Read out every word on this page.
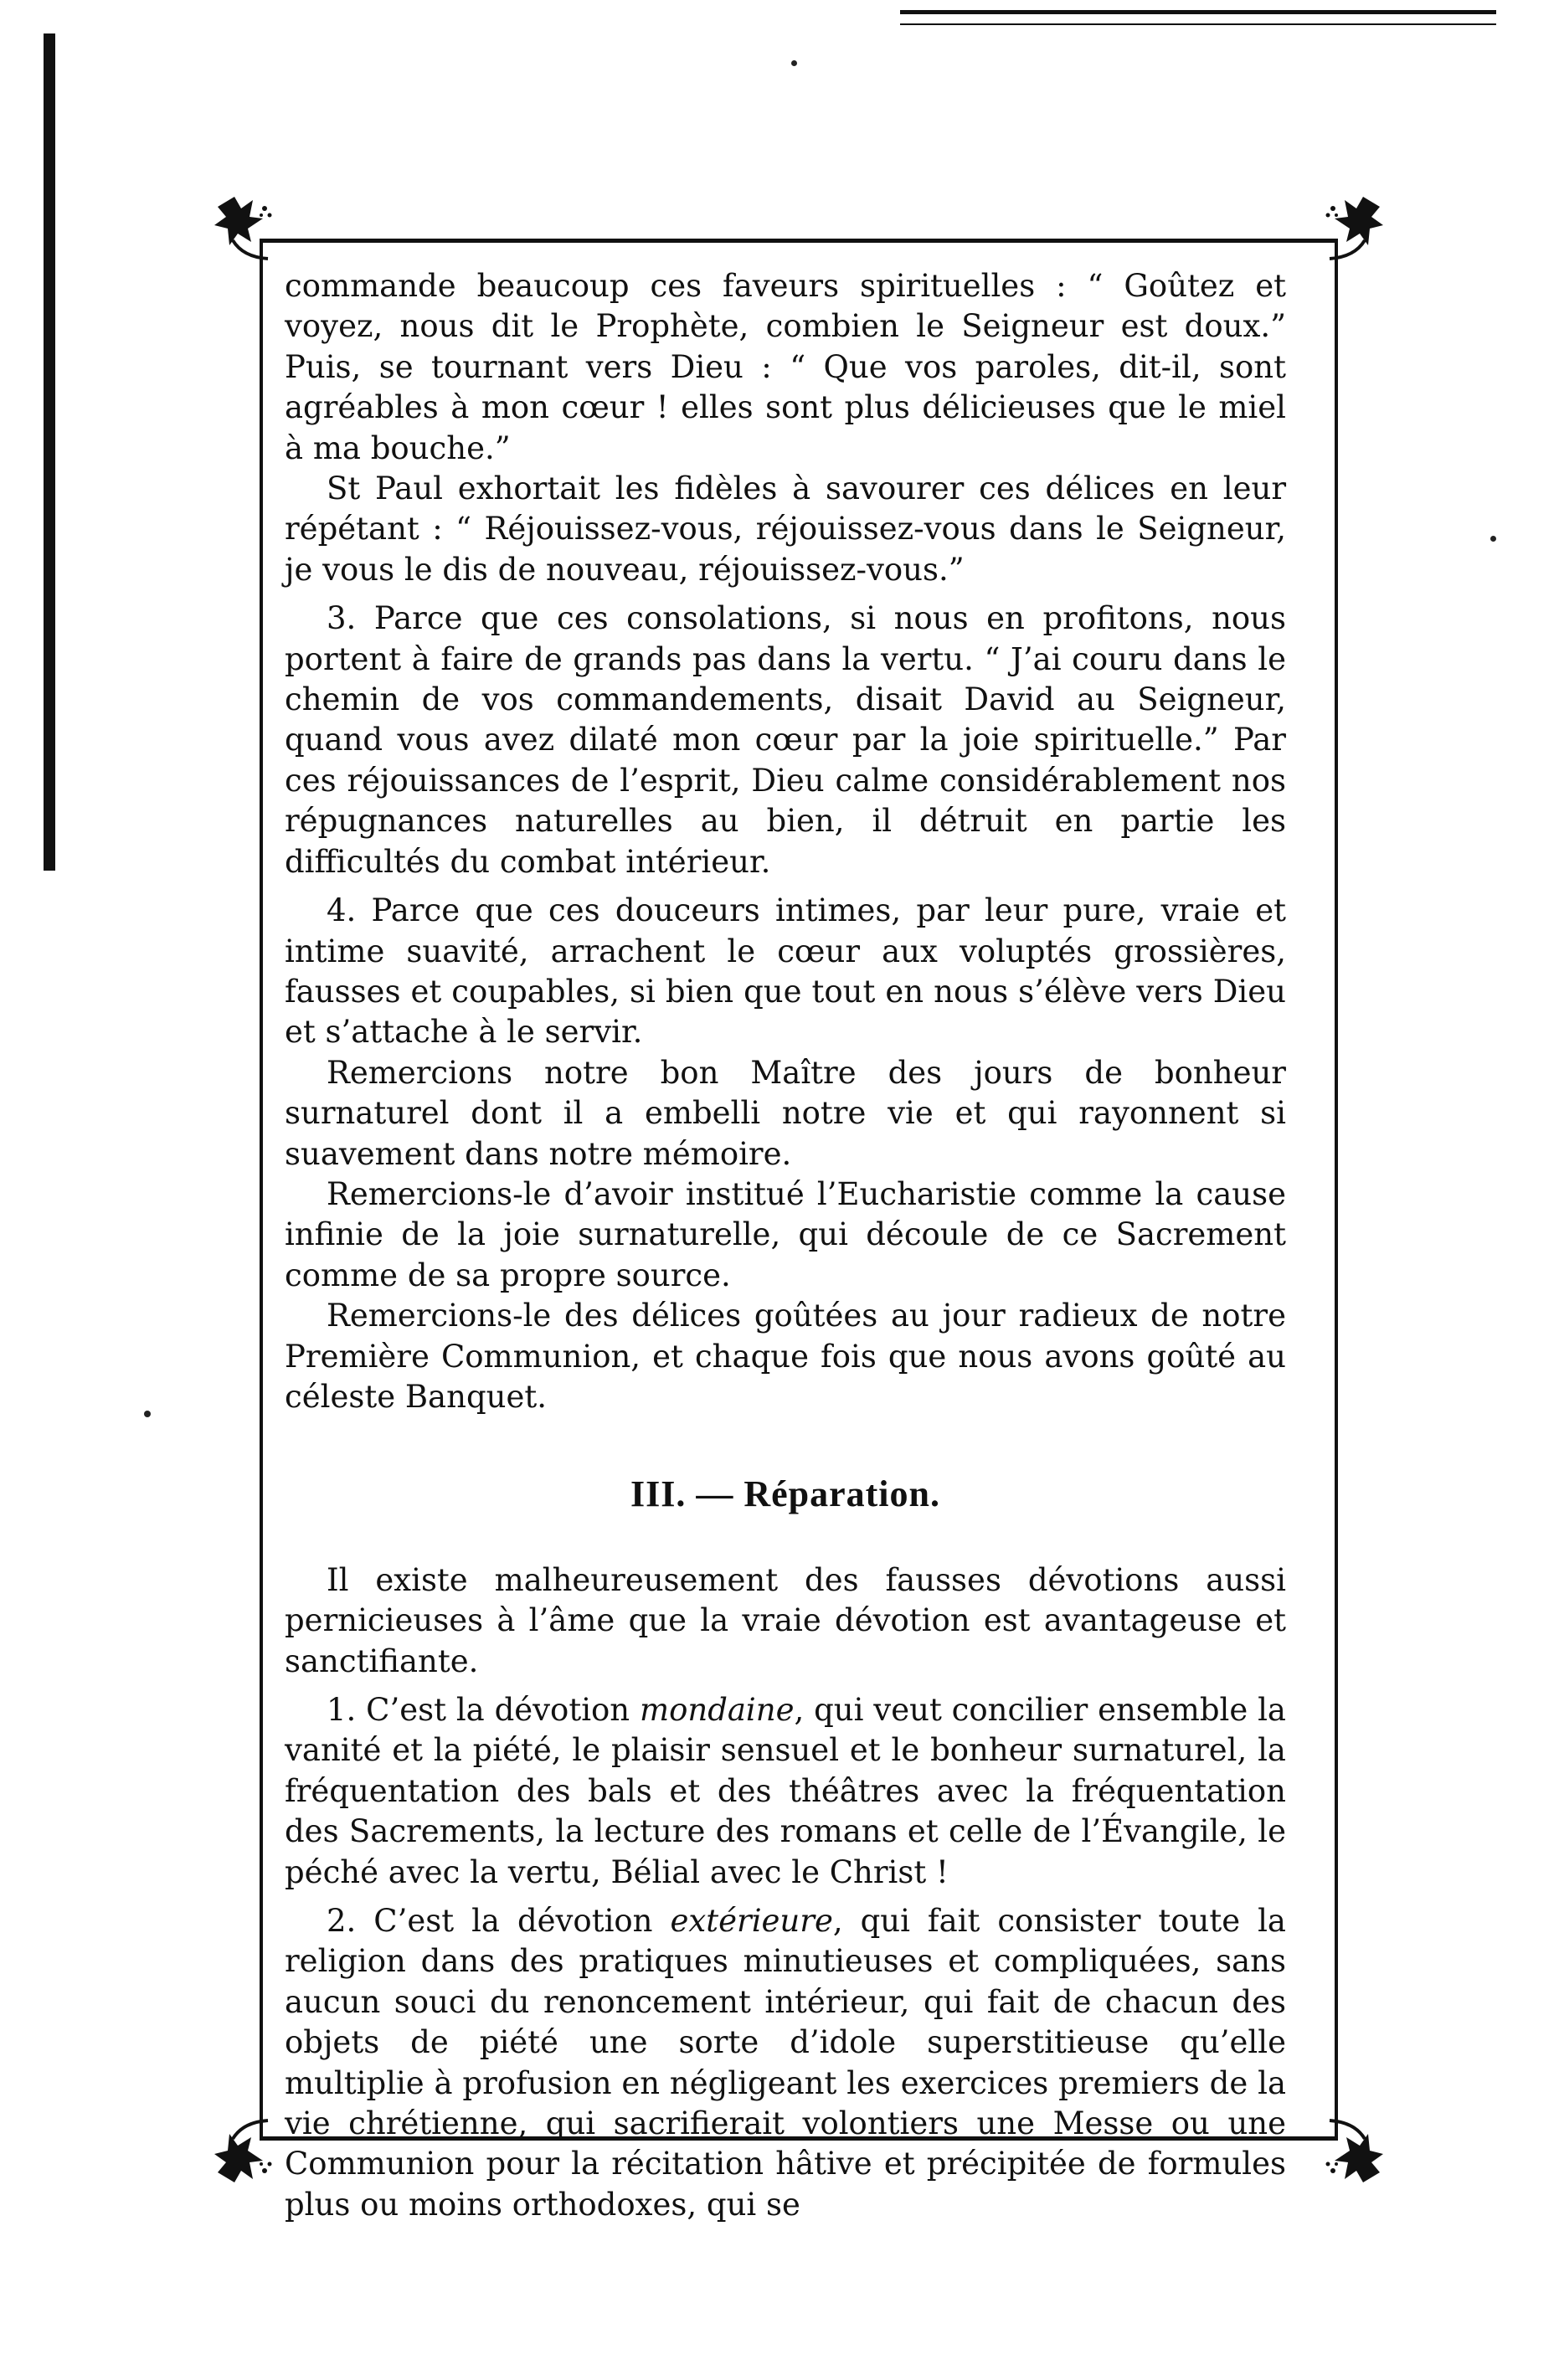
commande beaucoup ces faveurs spirituelles : “ Goûtez et voyez, nous dit le Prophète, combien le Seigneur est doux.” Puis, se tournant vers Dieu : “ Que vos paroles, dit-il, sont agréables à mon cœur ! elles sont plus délicieuses que le miel à ma bouche.”

St Paul exhortait les fidèles à savourer ces délices en leur répétant : “ Réjouissez-vous, réjouissez-vous dans le Seigneur, je vous le dis de nouveau, réjouissez-vous.”

3. Parce que ces consolations, si nous en profitons, nous portent à faire de grands pas dans la vertu. “ J’ai couru dans le chemin de vos commandements, disait David au Seigneur, quand vous avez dilaté mon cœur par la joie spirituelle.” Par ces réjouissances de l’esprit, Dieu calme considérablement nos répugnances naturelles au bien, il détruit en partie les difficultés du combat intérieur.

4. Parce que ces douceurs intimes, par leur pure, vraie et intime suavité, arrachent le cœur aux voluptés grossières, fausses et coupables, si bien que tout en nous s’élève vers Dieu et s’attache à le servir.

Remercions notre bon Maître des jours de bonheur surnaturel dont il a embelli notre vie et qui rayonnent si suavement dans notre mémoire.

Remercions-le d’avoir institué l’Eucharistie comme la cause infinie de la joie surnaturelle, qui découle de ce Sacrement comme de sa propre source.

Remercions-le des délices goûtées au jour radieux de notre Première Communion, et chaque fois que nous avons goûté au céleste Banquet.

III. — Réparation.

Il existe malheureusement des fausses dévotions aussi pernicieuses à l’âme que la vraie dévotion est avantageuse et sanctifiante.

1. C’est la dévotion mondaine, qui veut concilier ensemble la vanité et la piété, le plaisir sensuel et le bonheur surnaturel, la fréquentation des bals et des théâtres avec la fréquentation des Sacrements, la lecture des romans et celle de l’Évangile, le péché avec la vertu, Bélial avec le Christ !

2. C’est la dévotion extérieure, qui fait consister toute la religion dans des pratiques minutieuses et compliquées, sans aucun souci du renoncement intérieur, qui fait de chacun des objets de piété une sorte d’idole superstitieuse qu’elle multiplie à profusion en négligeant les exercices premiers de la vie chrétienne, qui sacrifierait volontiers une Messe ou une Communion pour la récitation hâtive et précipitée de formules plus ou moins orthodoxes, qui se
